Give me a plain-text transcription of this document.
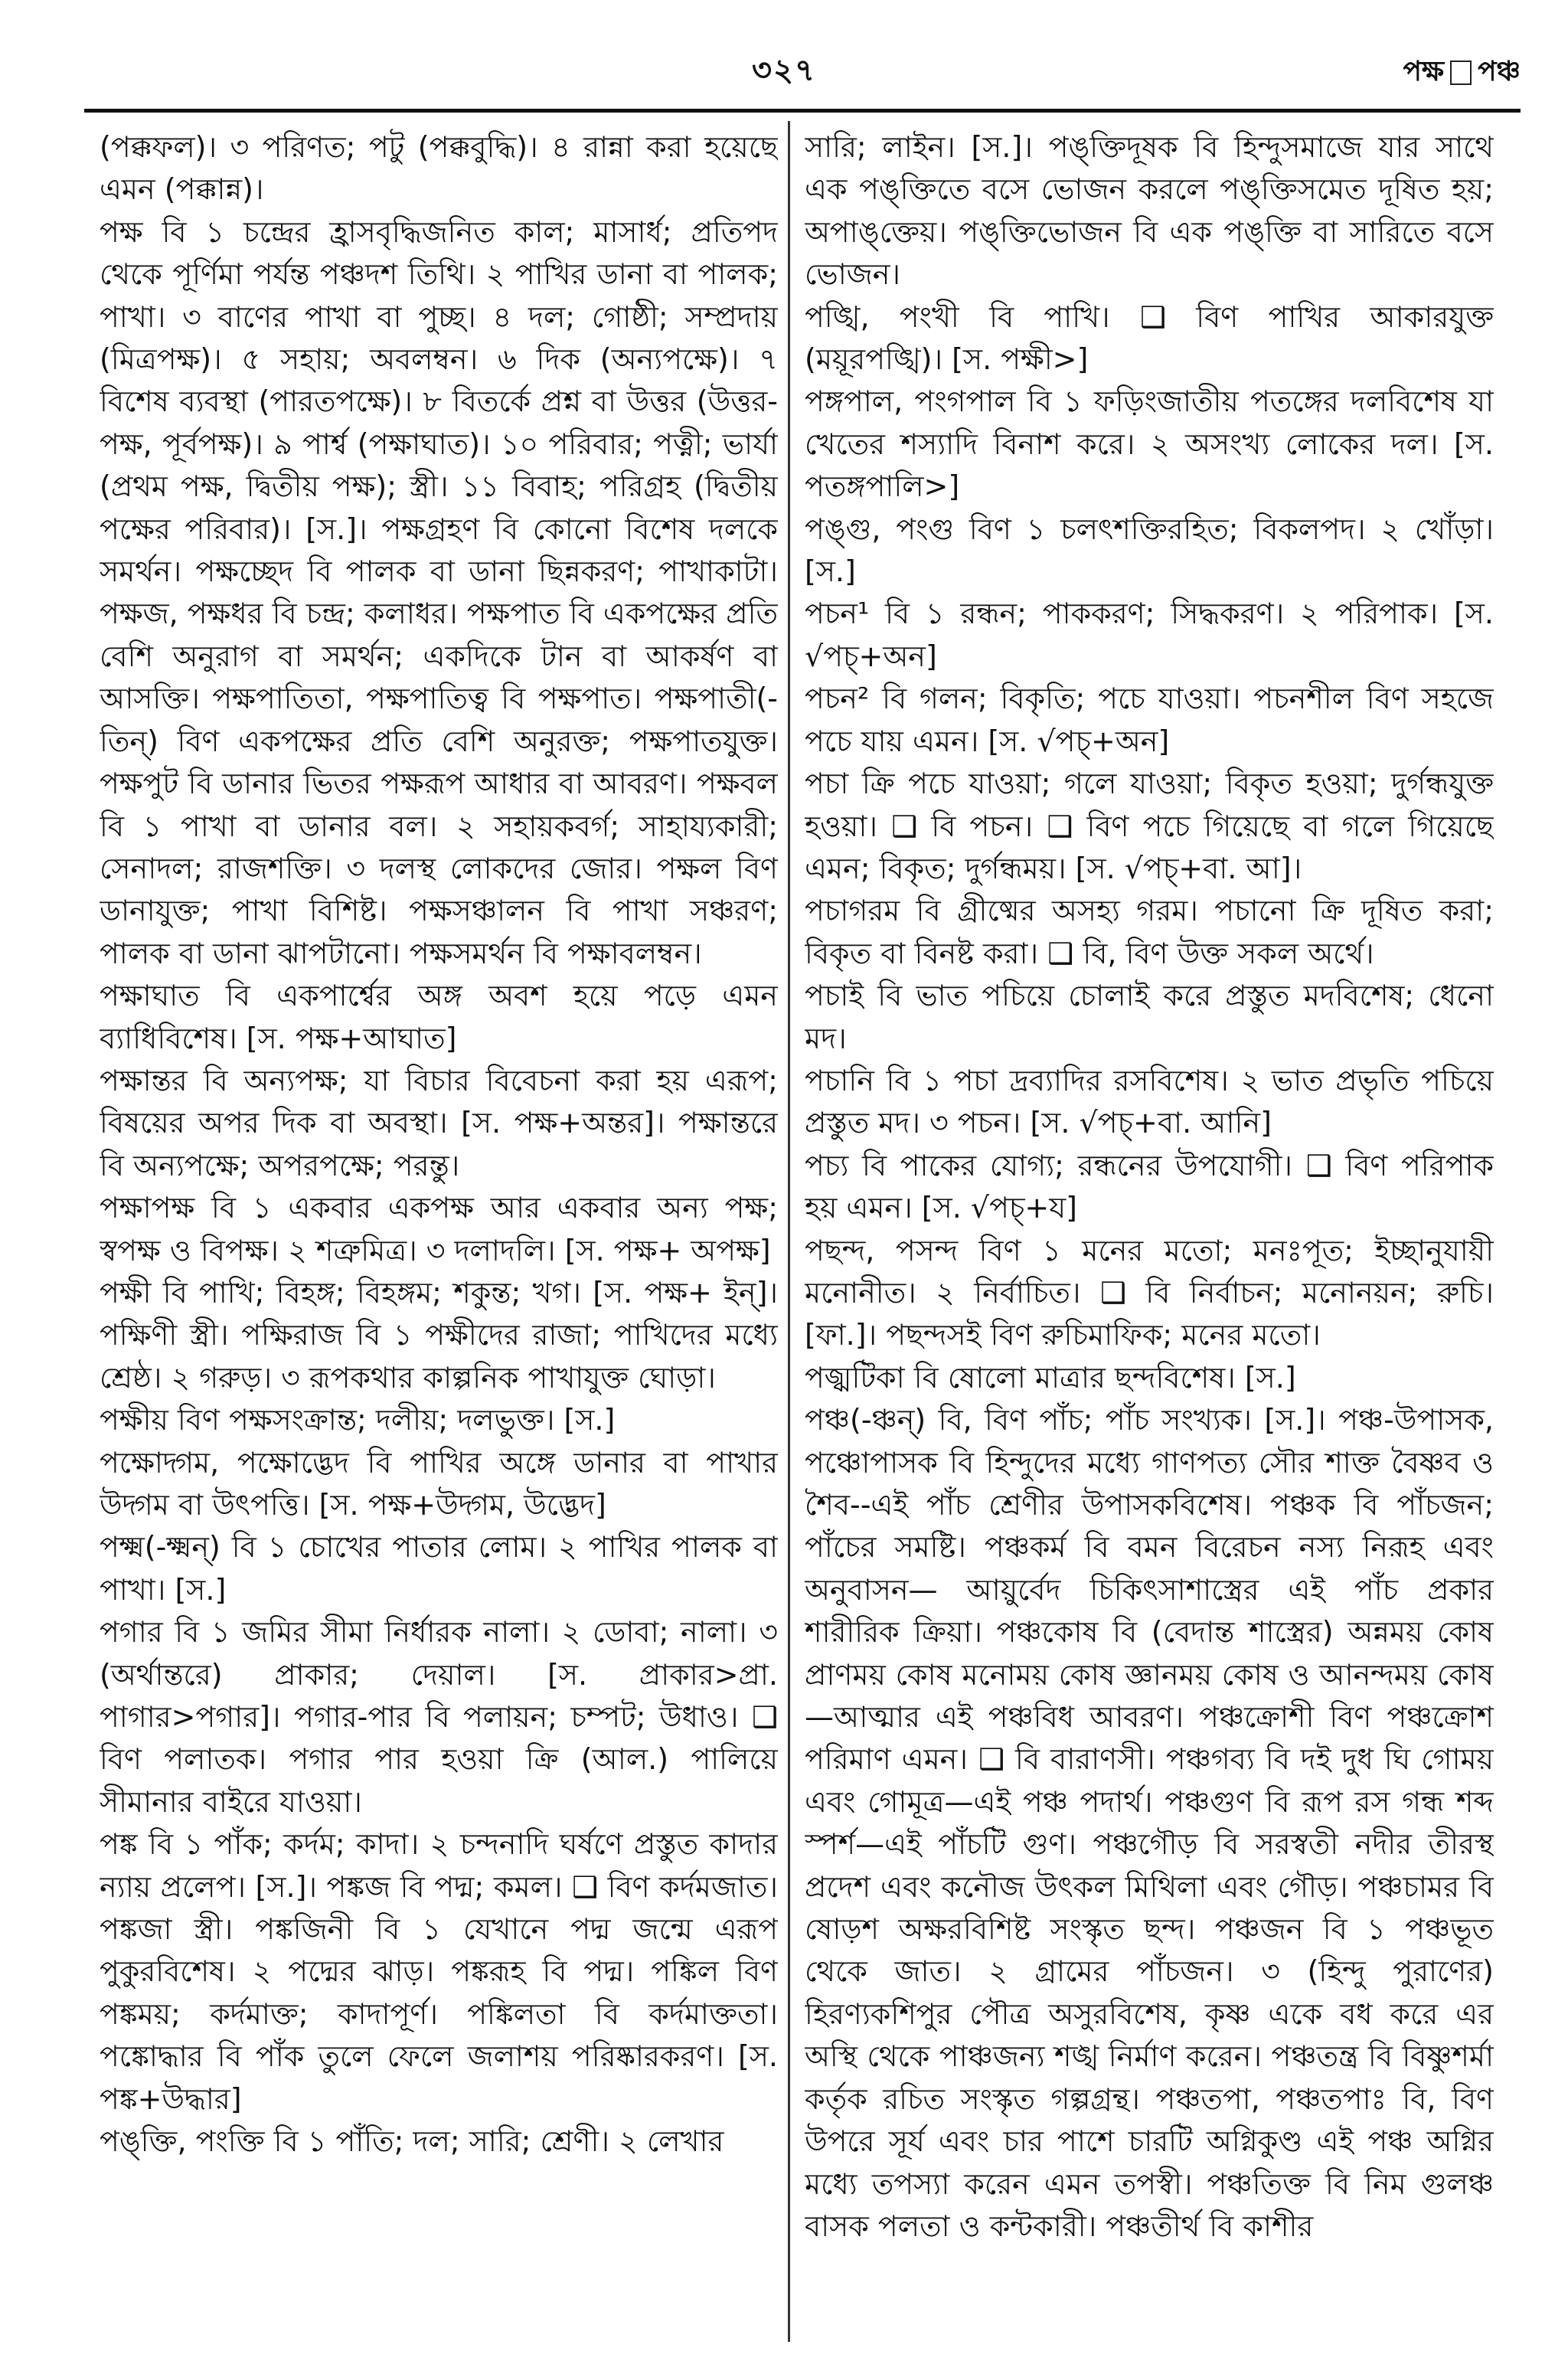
৩২৭	পক্ষ পঞ্চ

(পক্কফল)। ৩ পরিণত; পটু (পক্কবুদ্ধি)। ৪ রান্না করা হয়েছে এমন (পক্কান্ন)।

পক্ষ বি ১ চন্দ্রের হ্রাসবৃদ্ধিজনিত কাল; মাসার্ধ; প্রতিপদ থেকে পূর্ণিমা পর্যন্ত পঞ্চদশ তিথি। ২ পাখির ডানা বা পালক; পাখা। ৩ বাণের পাখা বা পুচ্ছ। ৪ দল; গোষ্ঠী; সম্প্রদায় (মিত্রপক্ষ)। ৫ সহায়; অবলম্বন। ৬ দিক (অন্যপক্ষে)। ৭ বিশেষ ব্যবস্থা (পারতপক্ষে)। ৮ বিতর্কে প্রশ্ন বা উত্তর (উত্তর-পক্ষ, পূর্বপক্ষ)। ৯ পার্শ্ব (পক্ষাঘাত)। ১০ পরিবার; পত্নী; ভার্যা (প্রথম পক্ষ, দ্বিতীয় পক্ষ); স্ত্রী। ১১ বিবাহ; পরিগ্রহ (দ্বিতীয় পক্ষের পরিবার)। [স.]। পক্ষগ্রহণ বি কোনো বিশেষ দলকে সমর্থন। পক্ষচ্ছেদ বি পালক বা ডানা ছিন্নকরণ; পাখাকাটা। পক্ষজ, পক্ষধর বি চন্দ্র; কলাধর। পক্ষপাত বি একপক্ষের প্রতি বেশি অনুরাগ বা সমর্থন; একদিকে টান বা আকর্ষণ বা আসক্তি। পক্ষপাতিতা, পক্ষপাতিত্ব বি পক্ষপাত। পক্ষপাতী(-তিন্) বিণ একপক্ষের প্রতি বেশি অনুরক্ত; পক্ষপাতযুক্ত। পক্ষপুট বি ডানার ভিতর পক্ষরূপ আধার বা আবরণ। পক্ষবল বি ১ পাখা বা ডানার বল। ২ সহায়কবর্গ; সাহায্যকারী; সেনাদল; রাজশক্তি। ৩ দলস্থ লোকদের জোর। পক্ষল বিণ ডানাযুক্ত; পাখা বিশিষ্ট। পক্ষসঞ্চালন বি পাখা সঞ্চরণ; পালক বা ডানা ঝাপটানো। পক্ষসমর্থন বি পক্ষাবলম্বন।

পক্ষাঘাত বি একপার্শ্বের অঙ্গ অবশ হয়ে পড়ে এমন ব্যাধিবিশেষ। [স. পক্ষ+আঘাত]

পক্ষান্তর বি অন্যপক্ষ; যা বিচার বিবেচনা করা হয় এরূপ; বিষয়ের অপর দিক বা অবস্থা। [স. পক্ষ+অন্তর]। পক্ষান্তরে বি অন্যপক্ষে; অপরপক্ষে; পরন্তু।

পক্ষাপক্ষ বি ১ একবার একপক্ষ আর একবার অন্য পক্ষ; স্বপক্ষ ও বিপক্ষ। ২ শত্রুমিত্র। ৩ দলাদলি। [স. পক্ষ+ অপক্ষ]

পক্ষী বি পাখি; বিহঙ্গ; বিহঙ্গম; শকুন্ত; খগ। [স. পক্ষ+ ইন্]। পক্ষিণী স্ত্রী। পক্ষিরাজ বি ১ পক্ষীদের রাজা; পাখিদের মধ্যে শ্রেষ্ঠ। ২ গরুড়। ৩ রূপকথার কাল্পনিক পাখাযুক্ত ঘোড়া।

পক্ষীয় বিণ পক্ষসংক্রান্ত; দলীয়; দলভুক্ত। [স.]

পক্ষোদ্গম, পক্ষোদ্ভেদ বি পাখির অঙ্গে ডানার বা পাখার উদ্গম বা উৎপত্তি। [স. পক্ষ+উদ্গম, উদ্ভেদ]

পক্ষ্ম(-ক্ষ্মন্) বি ১ চোখের পাতার লোম। ২ পাখির পালক বা পাখা। [স.]

পগার বি ১ জমির সীমা নির্ধারক নালা। ২ ডোবা; নালা। ৩ (অর্থান্তরে) প্রাকার; দেয়াল। [স. প্রাকার>প্রা. পাগার>পগার]। পগার-পার বি পলায়ন; চম্পট; উধাও। ❑ বিণ পলাতক। পগার পার হওয়া ক্রি (আল.) পালিয়ে সীমানার বাইরে যাওয়া।

পঙ্ক বি ১ পাঁক; কর্দম; কাদা। ২ চন্দনাদি ঘর্ষণে প্রস্তুত কাদার ন্যায় প্রলেপ। [স.]। পঙ্কজ বি পদ্ম; কমল। ❑ বিণ কর্দমজাত। পঙ্কজা স্ত্রী। পঙ্কজিনী বি ১ যেখানে পদ্ম জন্মে এরূপ পুকুরবিশেষ। ২ পদ্মের ঝাড়। পঙ্করূহ বি পদ্ম। পঙ্কিল বিণ পঙ্কময়; কর্দমাক্ত; কাদাপূর্ণ। পঙ্কিলতা বি কর্দমাক্ততা। পঙ্কোদ্ধার বি পাঁক তুলে ফেলে জলাশয় পরিষ্কারকরণ। [স. পঙ্ক+উদ্ধার]

পঙ্‌ক্তি, পংক্তি বি ১ পাঁতি; দল; সারি; শ্রেণী। ২ লেখার

সারি; লাইন। [স.]। পঙ্‌ক্তিদূষক বি হিন্দুসমাজে যার সাথে এক পঙ্‌ক্তিতে বসে ভোজন করলে পঙ্‌ক্তিসমেত দূষিত হয়; অপাঙ্‌ক্তেয়। পঙ্‌ক্তিভোজন বি এক পঙ্‌ক্তি বা সারিতে বসে ভোজন।

পঙ্খি, পংখী বি পাখি। ❑ বিণ পাখির আকারযুক্ত (ময়ূরপঙ্খি)। [স. পক্ষী>]

পঙ্গপাল, পংগপাল বি ১ ফড়িংজাতীয় পতঙ্গের দলবিশেষ যা খেতের শস্যাদি বিনাশ করে। ২ অসংখ্য লোকের দল। [স. পতঙ্গপালি>]

পঙ্গু, পংগু বিণ ১ চলৎশক্তিরহিত; বিকলপদ। ২ খোঁড়া। [স.]

পচন¹ বি ১ রন্ধন; পাককরণ; সিদ্ধকরণ। ২ পরিপাক। [স. √পচ্+অন]

পচন² বি গলন; বিকৃতি; পচে যাওয়া। পচনশীল বিণ সহজে পচে যায় এমন। [স. √পচ্+অন]

পচা ক্রি পচে যাওয়া; গলে যাওয়া; বিকৃত হওয়া; দুর্গন্ধযুক্ত হওয়া। ❑ বি পচন। ❑ বিণ পচে গিয়েছে বা গলে গিয়েছে এমন; বিকৃত; দুর্গন্ধময়। [স. √পচ্+বা. আ]।

পচাগরম বি গ্রীষ্মের অসহ্য গরম। পচানো ক্রি দূষিত করা; বিকৃত বা বিনষ্ট করা। ❑ বি, বিণ উক্ত সকল অর্থে।

পচাই বি ভাত পচিয়ে চোলাই করে প্রস্তুত মদবিশেষ; ধেনো মদ।

পচানি বি ১ পচা দ্রব্যাদির রসবিশেষ। ২ ভাত প্রভৃতি পচিয়ে প্রস্তুত মদ। ৩ পচন। [স. √পচ্+বা. আনি]

পচ্য বি পাকের যোগ্য; রন্ধনের উপযোগী। ❑ বিণ পরিপাক হয় এমন। [স. √পচ্+য]

পছন্দ, পসন্দ বিণ ১ মনের মতো; মনঃপূত; ইচ্ছানুযায়ী মনোনীত। ২ নির্বাচিত। ❑ বি নির্বাচন; মনোনয়ন; রুচি। [ফা.]। পছন্দসই বিণ রুচিমাফিক; মনের মতো।

পজ্ঝটিকা বি ষোলো মাত্রার ছন্দবিশেষ। [স.]

পঞ্চ(-ঞ্চন্) বি, বিণ পাঁচ; পাঁচ সংখ্যক। [স.]। পঞ্চ-উপাসক, পঞ্চোপাসক বি হিন্দুদের মধ্যে গাণপত্য সৌর শাক্ত বৈষ্ণব ও শৈব--এই পাঁচ শ্রেণীর উপাসকবিশেষ। পঞ্চক বি পাঁচজন; পাঁচের সমষ্টি। পঞ্চকর্ম বি বমন বিরেচন নস্য নিরূহ এবং অনুবাসন— আয়ুর্বেদ চিকিৎসাশাস্ত্রের এই পাঁচ প্রকার শারীরিক ক্রিয়া। পঞ্চকোষ বি (বেদান্ত শাস্ত্রের) অন্নময় কোষ প্রাণময় কোষ মনোময় কোষ জ্ঞানময় কোষ ও আনন্দময় কোষ—আত্মার এই পঞ্চবিধ আবরণ। পঞ্চক্রোশী বিণ পঞ্চক্রোশ পরিমাণ এমন। ❑ বি বারাণসী। পঞ্চগব্য বি দই দুধ ঘি গোময় এবং গোমূত্র—এই পঞ্চ পদার্থ। পঞ্চগুণ বি রূপ রস গন্ধ শব্দ স্পর্শ—এই পাঁচটি গুণ। পঞ্চগৌড় বি সরস্বতী নদীর তীরস্থ প্রদেশ এবং কনৌজ উৎকল মিথিলা এবং গৌড়। পঞ্চচামর বি ষোড়শ অক্ষরবিশিষ্ট সংস্কৃত ছন্দ। পঞ্চজন বি ১ পঞ্চভূত থেকে জাত। ২ গ্রামের পাঁচজন। ৩ (হিন্দু পুরাণের) হিরণ্যকশিপুর পৌত্র অসুরবিশেষ, কৃষ্ণ একে বধ করে এর অস্থি থেকে পাঞ্চজন্য শঙ্খ নির্মাণ করেন। পঞ্চতন্ত্র বি বিষ্ণুশর্মা কর্তৃক রচিত সংস্কৃত গল্পগ্রন্থ। পঞ্চতপা, পঞ্চতপাঃ বি, বিণ উপরে সূর্য এবং চার পাশে চারটি অগ্নিকুণ্ড এই পঞ্চ অগ্নির মধ্যে তপস্যা করেন এমন তপস্বী। পঞ্চতিক্ত বি নিম গুলঞ্চ বাসক পলতা ও কন্টকারী। পঞ্চতীর্থ বি কাশীর
